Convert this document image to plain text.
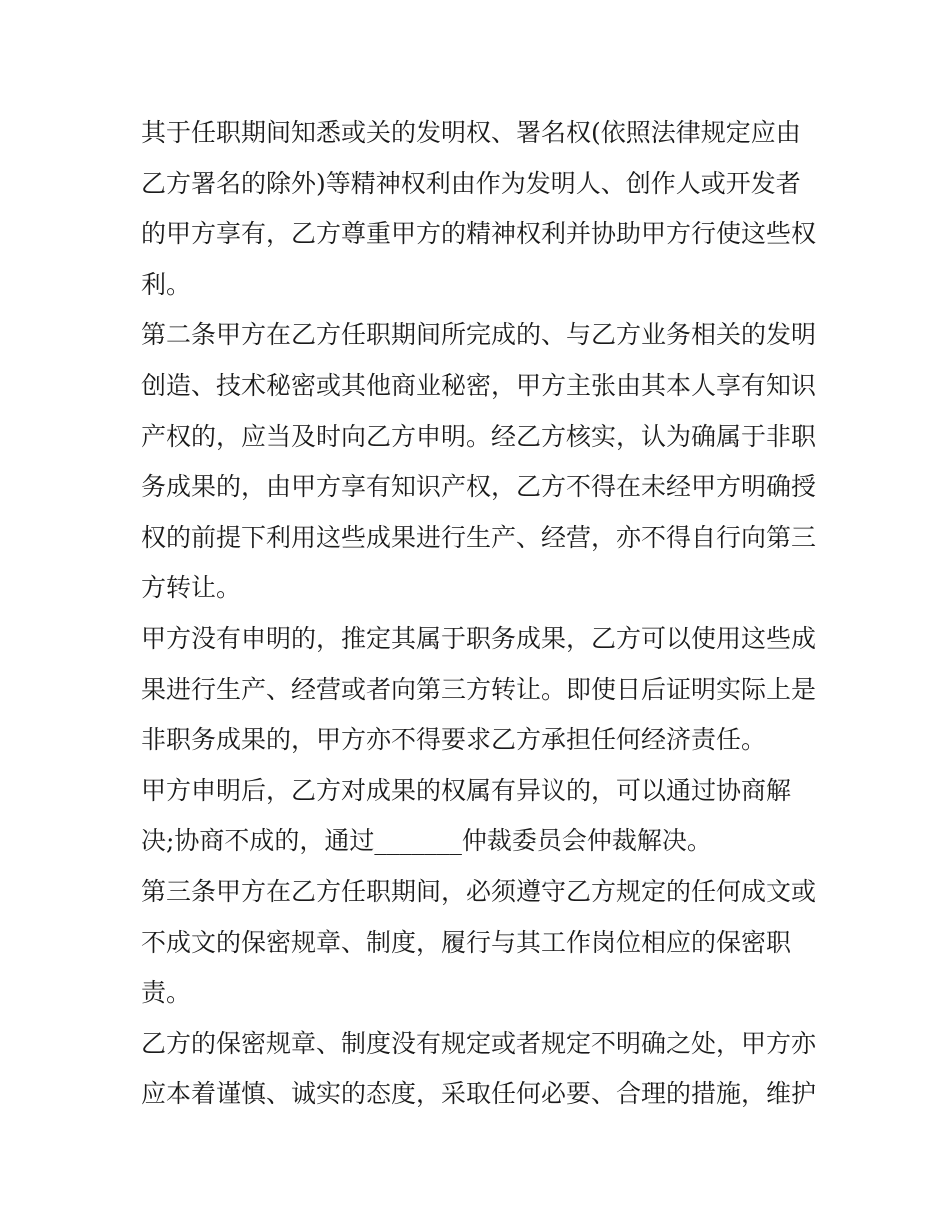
其于任职期间知悉或关的发明权、署名权(依照法律规定应由
乙方署名的除外)等精神权利由作为发明人、创作人或开发者
的甲方享有，乙方尊重甲方的精神权利并协助甲方行使这些权
利。
第二条甲方在乙方任职期间所完成的、与乙方业务相关的发明
创造、技术秘密或其他商业秘密，甲方主张由其本人享有知识
产权的，应当及时向乙方申明。经乙方核实，认为确属于非职
务成果的，由甲方享有知识产权，乙方不得在未经甲方明确授
权的前提下利用这些成果进行生产、经营，亦不得自行向第三
方转让。
甲方没有申明的，推定其属于职务成果，乙方可以使用这些成
果进行生产、经营或者向第三方转让。即使日后证明实际上是
非职务成果的，甲方亦不得要求乙方承担任何经济责任。
甲方申明后，乙方对成果的权属有异议的，可以通过协商解
决;协商不成的，通过_______仲裁委员会仲裁解决。
第三条甲方在乙方任职期间，必须遵守乙方规定的任何成文或
不成文的保密规章、制度，履行与其工作岗位相应的保密职
责。
乙方的保密规章、制度没有规定或者规定不明确之处，甲方亦
应本着谨慎、诚实的态度，采取任何必要、合理的措施，维护
